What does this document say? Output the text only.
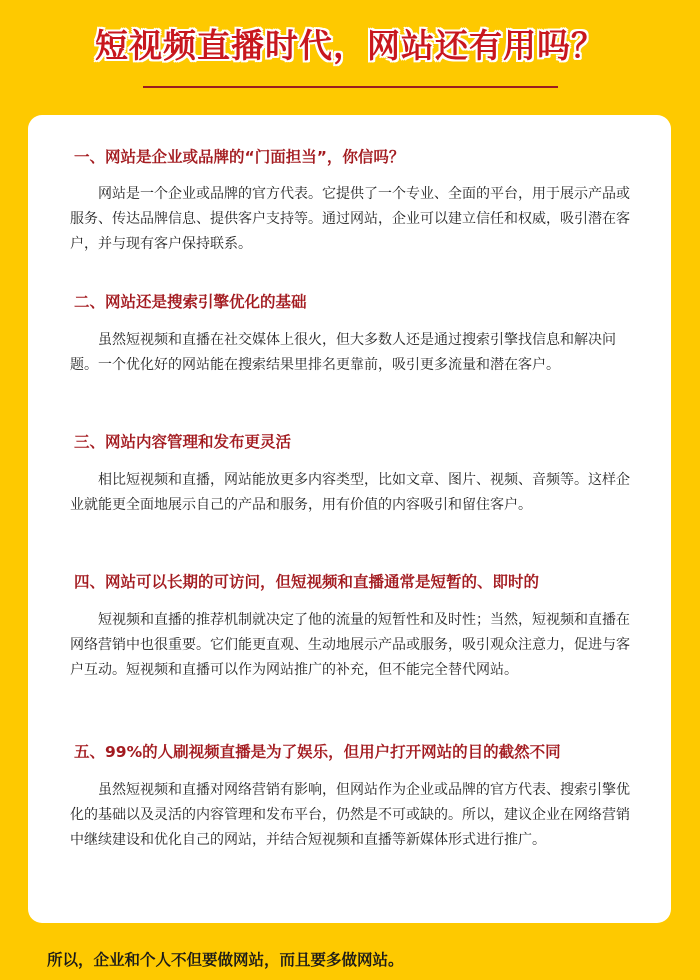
短视频直播时代，网站还有用吗？
一、网站是企业或品牌的“门面担当”，你信吗？
网站是一个企业或品牌的官方代表。它提供了一个专业、全面的平台，用于展示产品或服务、传达品牌信息、提供客户支持等。通过网站，企业可以建立信任和权威，吸引潜在客户，并与现有客户保持联系。
二、网站还是搜索引擎优化的基础
虽然短视频和直播在社交媒体上很火，但大多数人还是通过搜索引擎找信息和解决问题。一个优化好的网站能在搜索结果里排名更靠前，吸引更多流量和潜在客户。
三、网站内容管理和发布更灵活
相比短视频和直播，网站能放更多内容类型，比如文章、图片、视频、音频等。这样企业就能更全面地展示自己的产品和服务，用有价值的内容吸引和留住客户。
四、网站可以长期的可访问，但短视频和直播通常是短暂的、即时的
短视频和直播的推荐机制就决定了他的流量的短暂性和及时性；当然，短视频和直播在网络营销中也很重要。它们能更直观、生动地展示产品或服务，吸引观众注意力，促进与客户互动。短视频和直播可以作为网站推广的补充，但不能完全替代网站。
五、99%的人刷视频直播是为了娱乐，但用户打开网站的目的截然不同
虽然短视频和直播对网络营销有影响，但网站作为企业或品牌的官方代表、搜索引擎优化的基础以及灵活的内容管理和发布平台，仍然是不可或缺的。所以，建议企业在网络营销中继续建设和优化自己的网站，并结合短视频和直播等新媒体形式进行推广。
所以，企业和个人不但要做网站，而且要多做网站。
